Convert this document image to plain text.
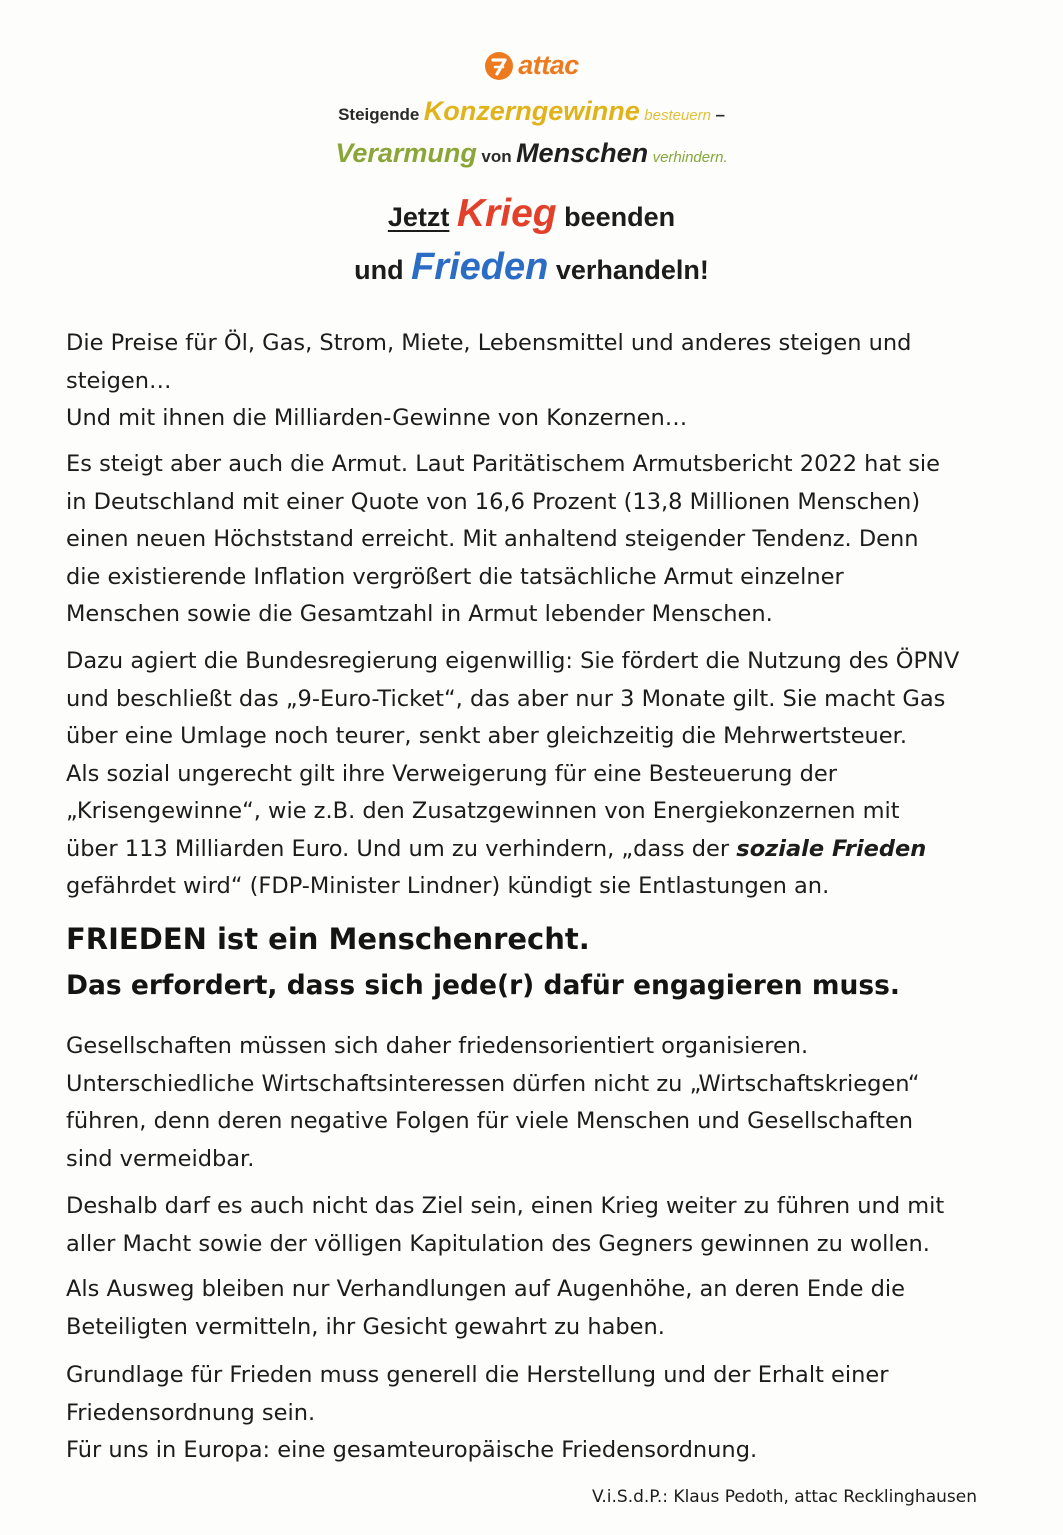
attac
Steigende Konzerngewinne besteuern –
Verarmung von Menschen verhindern.
Jetzt Krieg beenden
und Frieden verhandeln!

Die Preise für Öl, Gas, Strom, Miete, Lebensmittel und anderes steigen und

steigen…

Und mit ihnen die Milliarden-Gewinne von Konzernen…

Es steigt aber auch die Armut. Laut Paritätischem Armutsbericht 2022 hat sie

in Deutschland mit einer Quote von 16,6 Prozent (13,8 Millionen Menschen)

einen neuen Höchststand erreicht. Mit anhaltend steigender Tendenz. Denn

die existierende Inflation vergrößert die tatsächliche Armut einzelner

Menschen sowie die Gesamtzahl in Armut lebender Menschen.

Dazu agiert die Bundesregierung eigenwillig: Sie fördert die Nutzung des ÖPNV

und beschließt das „9-Euro-Ticket“, das aber nur 3 Monate gilt. Sie macht Gas

über eine Umlage noch teurer, senkt aber gleichzeitig die Mehrwertsteuer.

Als sozial ungerecht gilt ihre Verweigerung für eine Besteuerung der

„Krisengewinne“, wie z.B. den Zusatzgewinnen von Energiekonzernen mit

über 113 Milliarden Euro. Und um zu verhindern, „dass der soziale Frieden

gefährdet wird“ (FDP-Minister Lindner) kündigt sie Entlastungen an.

FRIEDEN ist ein Menschenrecht.
Das erfordert, dass sich jede(r) dafür engagieren muss.

Gesellschaften müssen sich daher friedensorientiert organisieren.

Unterschiedliche Wirtschaftsinteressen dürfen nicht zu „Wirtschaftskriegen“

führen, denn deren negative Folgen für viele Menschen und Gesellschaften

sind vermeidbar.

Deshalb darf es auch nicht das Ziel sein, einen Krieg weiter zu führen und mit

aller Macht sowie der völligen Kapitulation des Gegners gewinnen zu wollen.

Als Ausweg bleiben nur Verhandlungen auf Augenhöhe, an deren Ende die

Beteiligten vermitteln, ihr Gesicht gewahrt zu haben.

Grundlage für Frieden muss generell die Herstellung und der Erhalt einer

Friedensordnung sein.

Für uns in Europa: eine gesamteuropäische Friedensordnung.

V.i.S.d.P.: Klaus Pedoth, attac Recklinghausen
